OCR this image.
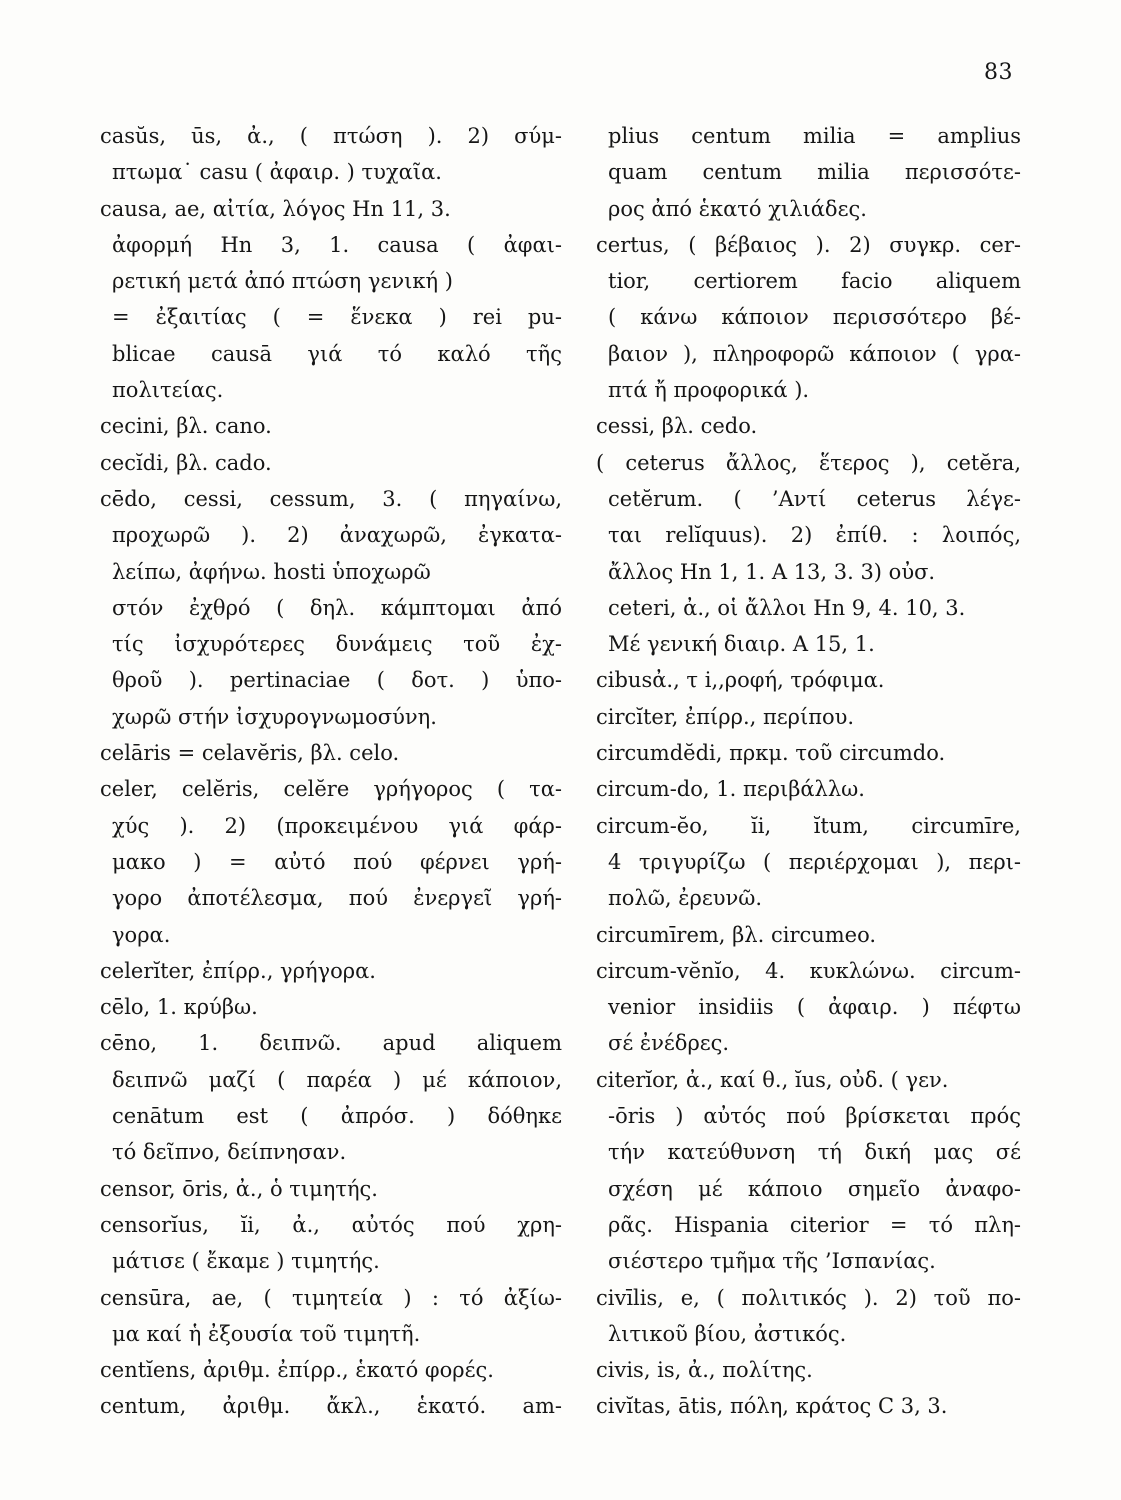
83
casŭs, ūs, ἀ., ( πτώση ). 2) σύμ-
πτωμα˙ casu ( ἀφαιρ. ) τυχαῖα.
causa, ae, αἰτία, λόγος Hn 11, 3.
ἀφορμή Hn 3, 1. causa ( ἀφαι-
ρετική μετά ἀπό πτώση γενική )
= ἐξαιτίας ( = ἕνεκα ) rei pu-
blicae causā γιά τό καλό τῆς
πολιτείας.
cecini, βλ. cano.
cecĭdi, βλ. cado.
cēdo, cessi, cessum, 3. ( πηγαίνω,
προχωρῶ ). 2) ἀναχωρῶ, ἐγκατα-
λείπω, ἀφήνω. hosti ὑποχωρῶ
στόν ἐχθρό ( δηλ. κάμπτομαι ἀπό
τίς ἰσχυρότερες δυνάμεις τοῦ ἐχ-
θροῦ ). pertinaciae ( δοτ. ) ὑπο-
χωρῶ στήν ἰσχυρογνωμοσύνη.
celāris = celavĕris, βλ. celo.
celer, celĕris, celĕre γρήγορος ( τα-
χύς ). 2) (προκειμένου γιά φάρ-
μακο ) = αὐτό πού φέρνει γρή-
γορο ἀποτέλεσμα, πού ἐνεργεῖ γρή-
γορα.
celerĭter, ἐπίρρ., γρήγορα.
cēlo, 1. κρύβω.
cēno, 1. δειπνῶ. apud aliquem
δειπνῶ μαζί ( παρέα ) μέ κάποιον,
cenātum est ( ἀπρόσ. ) δόθηκε
τό δεῖπνο, δείπνησαν.
censor, ōris, ἀ., ὁ τιμητής.
censorĭus, ĭi, ἀ., αὐτός πού χρη-
μάτισε ( ἔκαμε ) τιμητής.
censūra, ae, ( τιμητεία ) : τό ἀξίω-
μα καί ἡ ἐξουσία τοῦ τιμητῆ.
centĭens, ἀριθμ. ἐπίρρ., ἑκατό φορές.
centum, ἀριθμ. ἄκλ., ἑκατό. am-
plius centum milia = amplius
quam centum milia περισσότε-
ρος ἀπό ἑκατό χιλιάδες.
certus, ( βέβαιος ). 2) συγκρ. cer-
tior, certiorem facio aliquem
( κάνω κάποιον περισσότερο βέ-
βαιον ), πληροφορῶ κάποιον ( γρα-
πτά ἤ προφορικά ).
cessi, βλ. cedo.
( ceterus ἄλλος, ἕτερος ), cetĕra,
cetĕrum. ( ’Αντί ceterus λέγε-
ται relĭquus). 2) ἐπίθ. : λοιπός,
ἄλλος Hn 1, 1. A 13, 3. 3) οὐσ.
ceteri, ἀ., οἱ ἄλλοι Hn 9, 4. 10, 3.
Μέ γενική διαιρ. A 15, 1.
cibusἀ., τ i,,ροφή, τρόφιμα.
circĭter, ἐπίρρ., περίπου.
circumdĕdi, πρκμ. τοῦ circumdo.
circum-do, 1. περιβάλλω.
circum-ĕo, ĭi, ĭtum, circumīre,
4 τριγυρίζω ( περιέρχομαι ), περι-
πολῶ, ἐρευνῶ.
circumīrem, βλ. circumeo.
circum-vĕnĭo, 4. κυκλώνω. circum-
venior insidiis ( ἀφαιρ. ) πέφτω
σέ ἐνέδρες.
citerĭor, ἀ., καί θ., ĭus, οὐδ. ( γεν.
-ōris ) αὐτός πού βρίσκεται πρός
τήν κατεύθυνση τή δική μας σέ
σχέση μέ κάποιο σημεῖο ἀναφο-
ρᾶς. Hispania citerior = τό πλη-
σιέστερο τμῆμα τῆς ’Ισπανίας.
civīlis, e, ( πολιτικός ). 2) τοῦ πο-
λιτικοῦ βίου, ἀστικός.
civis, is, ἀ., πολίτης.
civĭtas, ātis, πόλη, κράτος C 3, 3.
